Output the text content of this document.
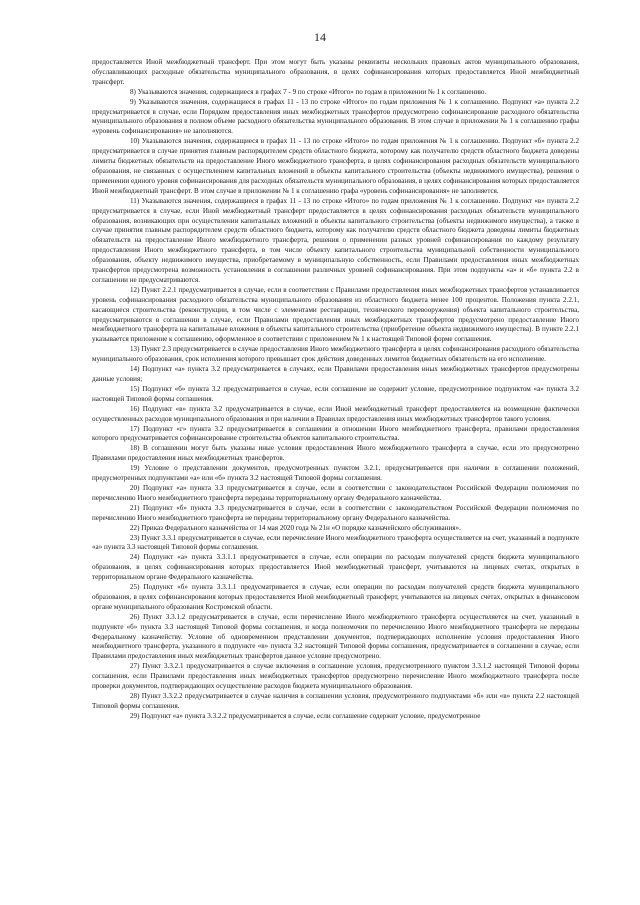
14

предоставляется Иной межбюджетный трансферт. При этом могут быть указаны реквизиты нескольких правовых актов муниципального образования, обуславливающих расходные обязательства муниципального образования, в целях софинансирования которых предоставляется Иной межбюджетный трансферт.

8) Указываются значения, содержащиеся в графах 7 - 9 по строке «Итого» по годам в приложении № 1 к соглашению.

9) Указываются значения, содержащиеся в графах 11 - 13 по строке «Итого» по годам приложения № 1 к соглашению. Подпункт «а» пункта 2.2 предусматривается в случае, если Порядком предоставления иных межбюджетных трансфертов предусмотрено софинансирование расходного обязательства муниципального образования в полном объеме расходного обязательства муниципального образования. В этом случае в приложении № 1 к соглашению графы «уровень софинансирования» не заполняются.

10) Указываются значения, содержащиеся в графах 11 - 13 по строке «Итого» по годам приложения № 1 к соглашению. Подпункт «б» пункта 2.2 предусматривается в случае принятия главным распорядителем средств областного бюджета, которому как получателю средств областного бюджета доведены лимиты бюджетных обязательств на предоставление Иного межбюджетного трансферта, в целях софинансирования расходных обязательств муниципального образования, не связанных с осуществлением капитальных вложений в объекты капитального строительства (объекты недвижимого имущества), решения о применении единого уровня софинансирования для расходных обязательств муниципального образования, в целях софинансирования которых предоставляется Иной межбюджетный трансферт. В этом случае в приложении № 1 к соглашению графа «уровень софинансирования» не заполняется.

11) Указываются значения, содержащиеся в графах 11 - 13 по строке «Итого» по годам приложения № 1 к соглашению. Подпункт «в» пункта 2.2 предусматривается в случае, если Иной межбюджетный трансферт предоставляется в целях софинансирования расходных обязательств муниципального образования, возникающих при осуществлении капитальных вложений в объекты капитального строительства (объекты недвижимого имущества), а также в случае принятия главным распорядителем средств областного бюджета, которому как получателю средств областного бюджета доведены лимиты бюджетных обязательств на предоставление Иного межбюджетного трансферта, решения о применении разных уровней софинансирования по каждому результату предоставления Иного межбюджетного трансферта, в том числе объекту капитального строительства муниципальной собственности муниципального образования, объекту недвижимого имущества, приобретаемому в муниципальную собственность, если Правилами предоставления иных межбюджетных трансфертов предусмотрена возможность установления в соглашении различных уровней софинансирования. При этом подпункты «а» и «б» пункта 2.2 в соглашении не предусматриваются.

12) Пункт 2.2.1 предусматривается в случае, если в соответствии с Правилами предоставления иных межбюджетных трансфертов устанавливается уровень софинансирования расходного обязательства муниципального образования из областного бюджета менее 100 процентов. Положения пункта 2.2.1, касающиеся строительства (реконструкции, в том числе с элементами реставрации, технического перевооружения) объекта капитального строительства, предусматриваются в соглашении в случае, если Правилами предоставления иных межбюджетных трансфертов предусмотрено предоставление Иного межбюджетного трансферта на капитальные вложения в объекты капитального строительства (приобретение объекта недвижимого имущества). В пункте 2.2.1 указывается приложение к соглашению, оформленное в соответствии с приложением № 1 к настоящей Типовой форме соглашения.

13) Пункт 2.3 предусматривается в случае предоставления Иного межбюджетного трансферта в целях софинансирования расходного обязательства муниципального образования, срок исполнения которого превышает срок действия доведенных лимитов бюджетных обязательств на его исполнение.

14) Подпункт «а» пункта 3.2 предусматривается в случаях, если Правилами предоставления иных межбюджетных трансфертов предусмотрены данные условия;

15) Подпункт «б» пункта 3.2 предусматривается в случае, если соглашение не содержит условие, предусмотренное подпунктом «а» пункта 3.2 настоящей Типовой формы соглашения.

16) Подпункт «в» пункта 3.2 предусматривается в случае, если Иной межбюджетный трансферт предоставляется на возмещение фактически осуществленных расходов муниципального образования и при наличии в Правилах предоставления иных межбюджетных трансфертов такого условия.

17) Подпункт «г» пункта 3.2 предусматривается в соглашении в отношении Иного межбюджетного трансферта, правилами предоставления которого предусматривается софинансирование строительства объектов капитального строительства.

18) В соглашении могут быть указаны иные условия предоставления Иного межбюджетного трансферта в случае, если это предусмотрено Правилами предоставления иных межбюджетных трансфертов.

19) Условие о представлении документов, предусмотренных пунктом 3.2.1, предусматривается при наличии в соглашении положений, предусмотренных подпунктами «а» или «б» пункта 3.2 настоящей Типовой формы соглашения.

20) Подпункт «а» пункта 3.3 предусматривается в случае, если в соответствии с законодательством Российской Федерации полномочия по перечислению Иного межбюджетного трансферта переданы территориальному органу Федерального казначейства.

21) Подпункт «б» пункта 3.3 предусматривается в случае, если в соответствии с законодательством Российской Федерации полномочия по перечислению Иного межбюджетного трансферта не переданы территориальному органу Федерального казначейства.

22) Приказ Федерального казначейства от 14 мая 2020 года № 21н «О порядке казначейского обслуживания».

23) Пункт 3.3.1 предусматривается в случае, если перечисление Иного межбюджетного трансферта осуществляется на счет, указанный в подпункте «а» пункта 3.3 настоящей Типовой формы соглашения.

24) Подпункт «а» пункта 3.3.1.1 предусматривается в случае, если операции по расходам получателей средств бюджета муниципального образования, в целях софинансирования которых предоставляется Иной межбюджетный трансферт, учитываются на лицевых счетах, открытых в территориальном органе Федерального казначейства.

25) Подпункт «б» пункта 3.3.1.1 предусматривается в случае, если операции по расходам получателей средств бюджета муниципального образования, в целях софинансирования которых предоставляется Иной межбюджетный трансферт, учитываются на лицевых счетах, открытых в финансовом органе муниципального образования Костромской области.

26) Пункт 3.3.1.2 предусматривается в случае, если перечисление Иного межбюджетного трансферта осуществляется на счет, указанный в подпункте «б» пункта 3.3 настоящей Типовой формы соглашения, и когда полномочия по перечислению Иного межбюджетного трансферта не переданы Федеральному казначейству. Условие об одновременном представлении документов, подтверждающих исполнение условия предоставления Иного межбюджетного трансферта, указанного в подпункте «в» пункта 3.2 настоящей Типовой формы соглашения, предусматривается в соглашении в случае, если Правилами предоставления иных межбюджетных трансфертов данное условие предусмотрено.

27) Пункт 3.3.2.1 предусматривается в случае включения в соглашение условия, предусмотренного пунктом 3.3.1.2 настоящей Типовой формы соглашения, если Правилами предоставления иных межбюджетных трансфертов предусмотрено перечисление Иного межбюджетного трансферта после проверки документов, подтверждающих осуществление расходов бюджета муниципального образования.

28) Пункт 3.3.2.2 предусматривается в случае наличия в соглашении условия, предусмотренного подпунктами «б» или «в» пункта 2.2 настоящей Типовой формы соглашения.

29) Подпункт «а» пункта 3.3.2.2 предусматривается в случае, если соглашение содержит условие, предусмотренное
